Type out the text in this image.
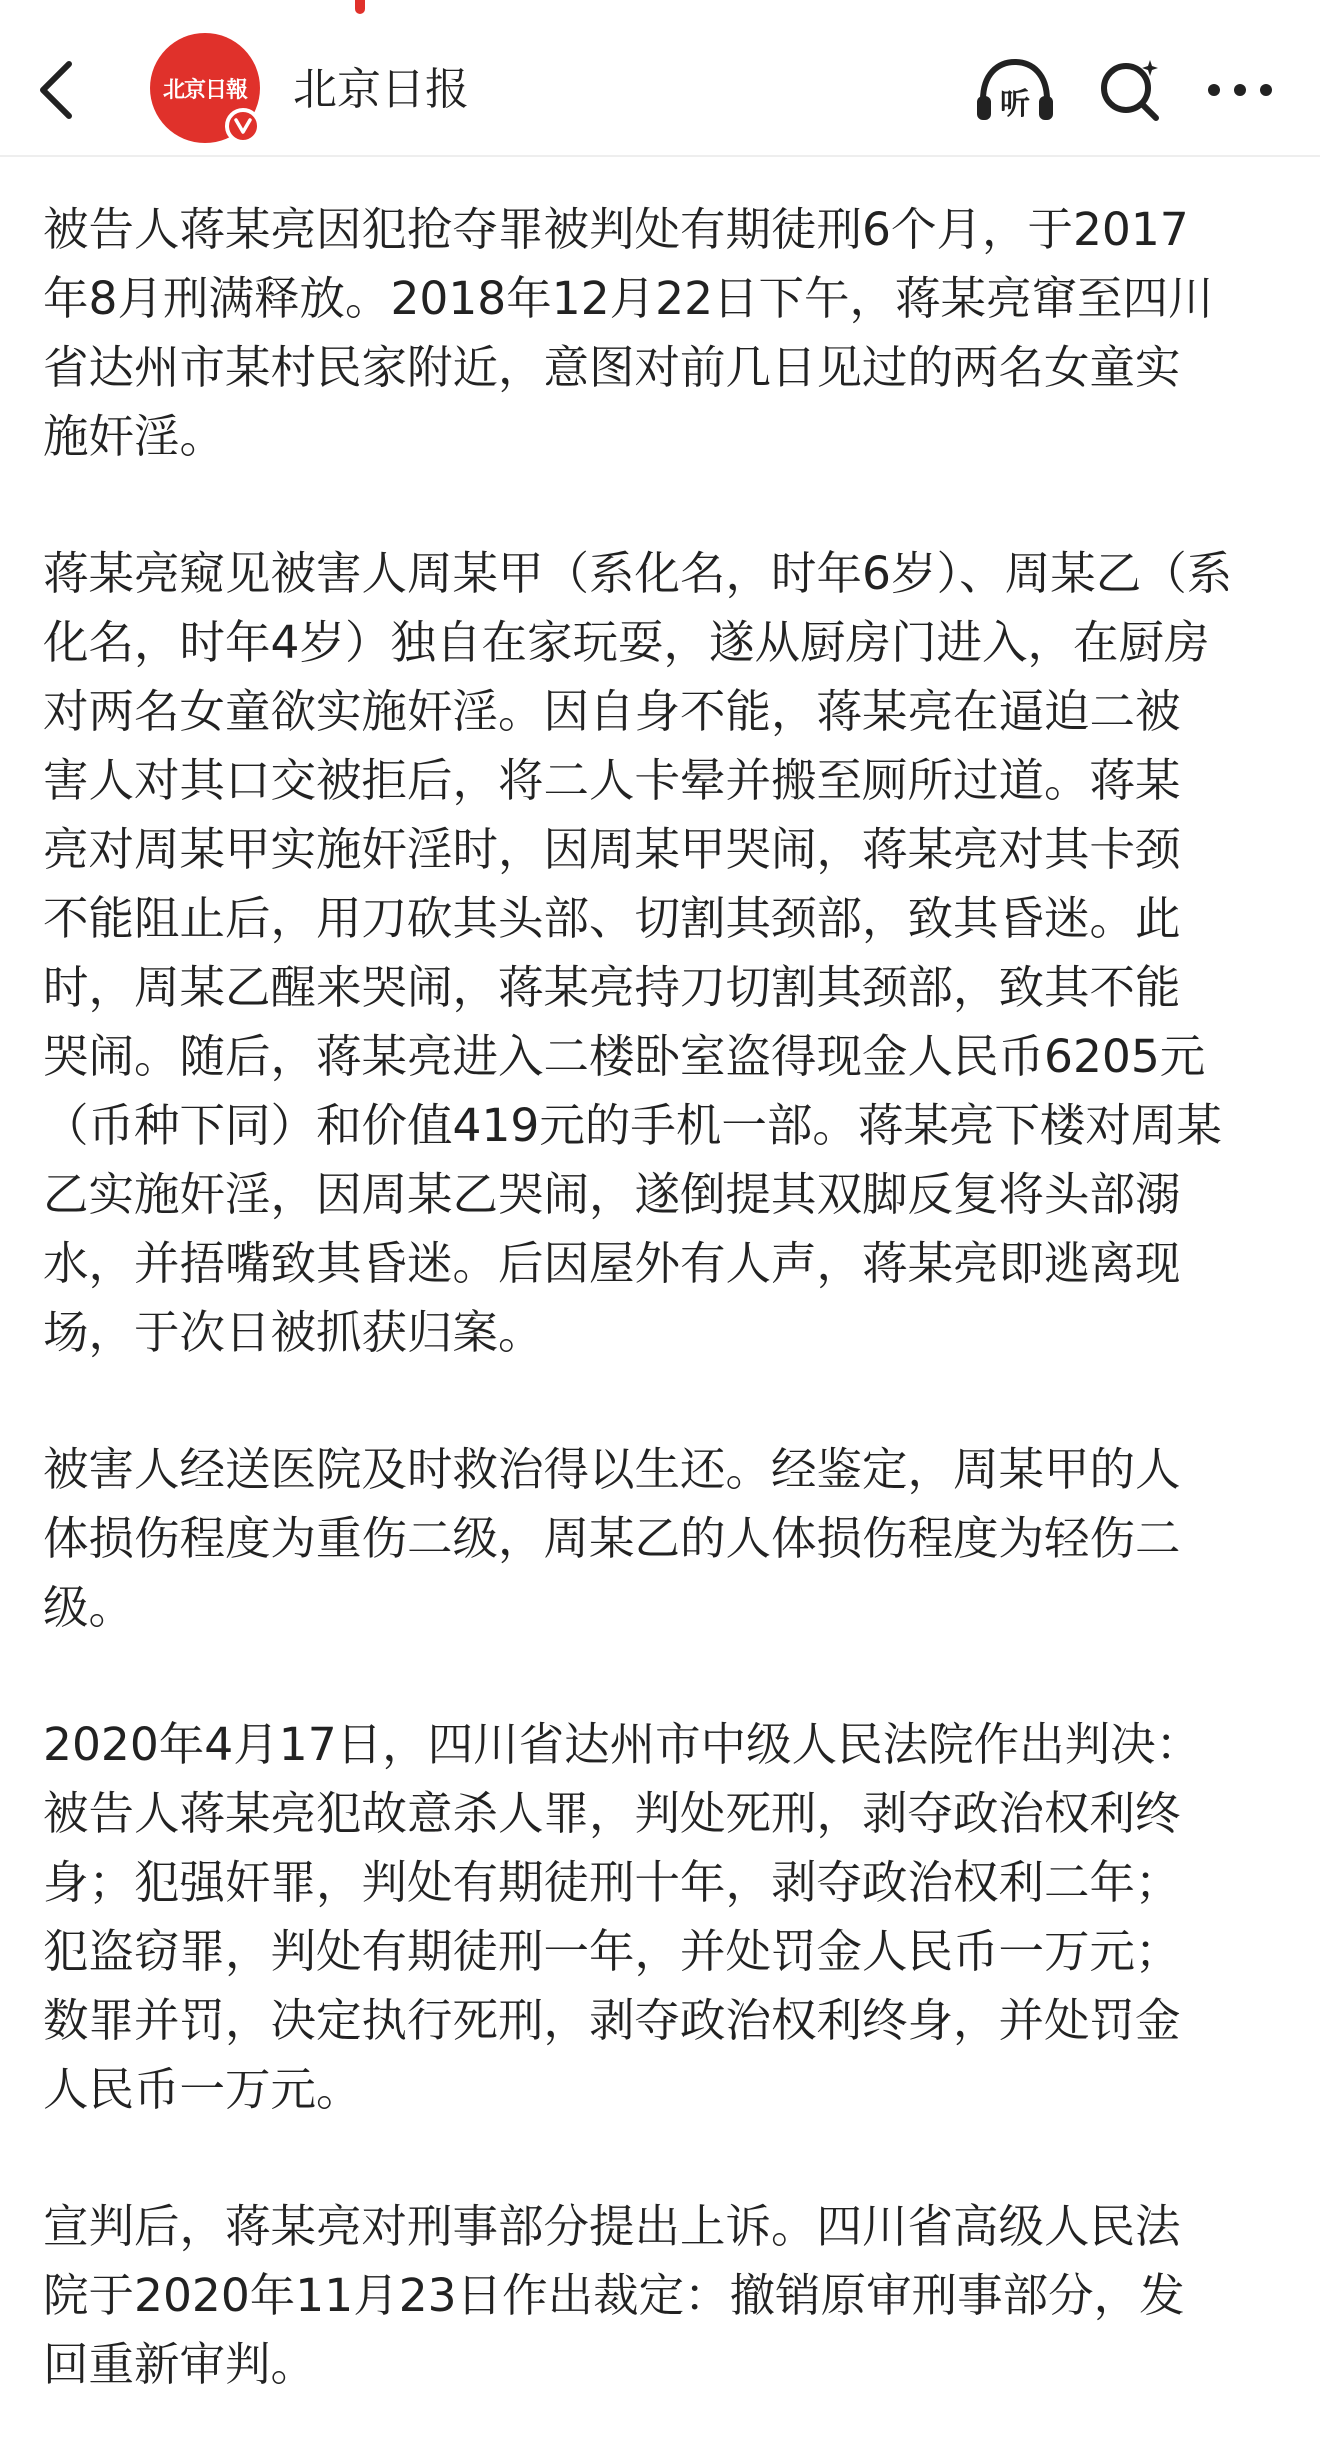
北京日報 北京日报	听

被告人蒋某亮因犯抢夺罪被判处有期徒刑6个月，于2017
年8月刑满释放。2018年12月22日下午，蒋某亮窜至四川
省达州市某村民家附近，意图对前几日见过的两名女童实
施奸淫。

蒋某亮窥见被害人周某甲（系化名，时年6岁）、周某乙（系
化名，时年4岁）独自在家玩耍，遂从厨房门进入，在厨房
对两名女童欲实施奸淫。因自身不能，蒋某亮在逼迫二被
害人对其口交被拒后，将二人卡晕并搬至厕所过道。蒋某
亮对周某甲实施奸淫时，因周某甲哭闹，蒋某亮对其卡颈
不能阻止后，用刀砍其头部、切割其颈部，致其昏迷。此
时，周某乙醒来哭闹，蒋某亮持刀切割其颈部，致其不能
哭闹。随后，蒋某亮进入二楼卧室盗得现金人民币6205元
（币种下同）和价值419元的手机一部。蒋某亮下楼对周某
乙实施奸淫，因周某乙哭闹，遂倒提其双脚反复将头部溺
水，并捂嘴致其昏迷。后因屋外有人声，蒋某亮即逃离现
场，于次日被抓获归案。

被害人经送医院及时救治得以生还。经鉴定，周某甲的人
体损伤程度为重伤二级，周某乙的人体损伤程度为轻伤二
级。

2020年4月17日，四川省达州市中级人民法院作出判决：
被告人蒋某亮犯故意杀人罪，判处死刑，剥夺政治权利终
身；犯强奸罪，判处有期徒刑十年，剥夺政治权利二年；
犯盗窃罪，判处有期徒刑一年，并处罚金人民币一万元；
数罪并罚，决定执行死刑，剥夺政治权利终身，并处罚金
人民币一万元。

宣判后，蒋某亮对刑事部分提出上诉。四川省高级人民法
院于2020年11月23日作出裁定：撤销原审刑事部分，发
回重新审判。
